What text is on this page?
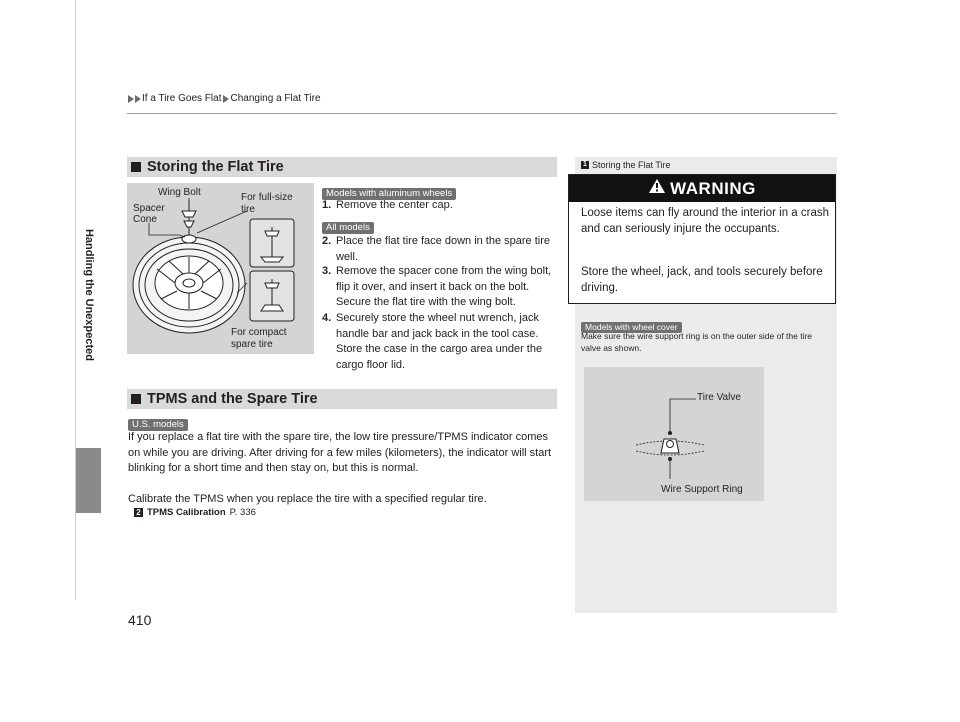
Handling the Unexpected
If a Tire Goes Flat Changing a Flat Tire
Storing the Flat Tire
Wing Bolt
Spacer
Cone
For full-size
tire
For compact
spare tire
Models with aluminum wheels
1. Remove the center cap.
All models
2. Place the flat tire face down in the spare tire well.
3. Remove the spacer cone from the wing bolt, flip it over, and insert it back on the bolt. Secure the flat tire with the wing bolt.
4. Securely store the wheel nut wrench, jack handle bar and jack back in the tool case. Store the case in the cargo area under the cargo floor lid.
TPMS and the Spare Tire
U.S. models
If you replace a flat tire with the spare tire, the low tire pressure/TPMS indicator comes on while you are driving. After driving for a few miles (kilometers), the indicator will start blinking for a short time and then stay on, but this is normal.
Calibrate the TPMS when you replace the tire with a specified regular tire.
2 TPMS Calibration P. 336
1 Storing the Flat Tire
WARNING
Loose items can fly around the interior in a crash and can seriously injure the occupants.
Store the wheel, jack, and tools securely before driving.
Models with wheel cover
Make sure the wire support ring is on the outer side of the tire valve as shown.
Tire Valve
Wire Support Ring
410
